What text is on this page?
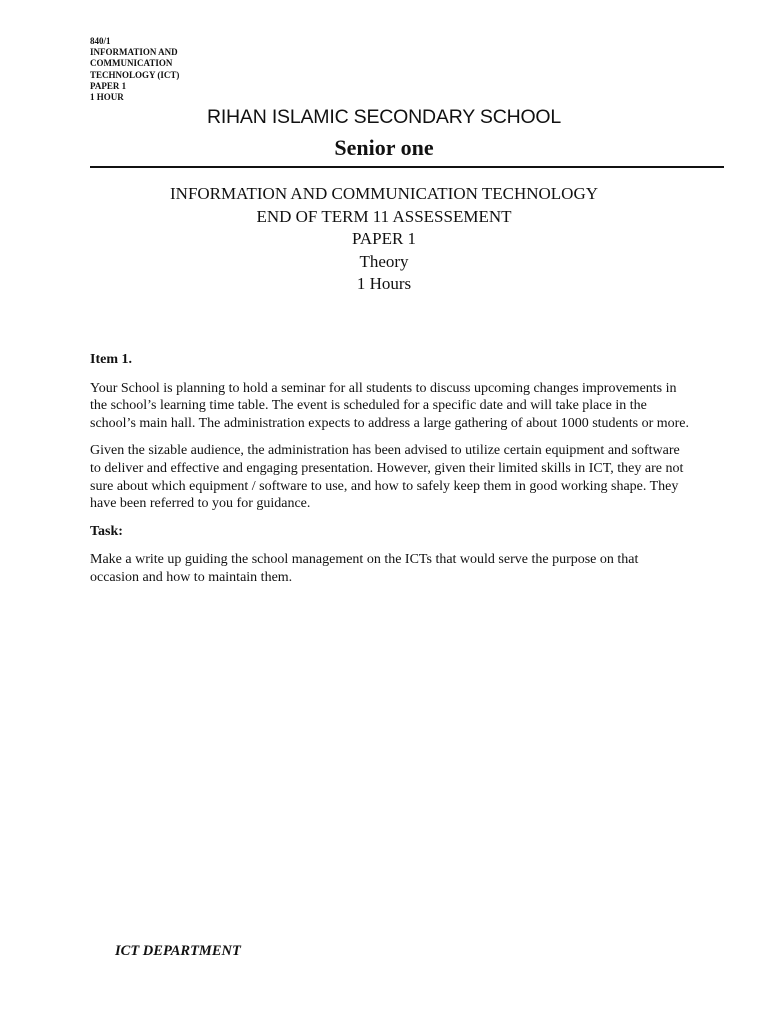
840/1
INFORMATION AND
COMMUNICATION
TECHNOLOGY (ICT)
PAPER 1
1 HOUR
RIHAN ISLAMIC SECONDARY SCHOOL
Senior one
INFORMATION AND COMMUNICATION TECHNOLOGY
END OF TERM 11 ASSESSEMENT
PAPER 1
Theory
1 Hours
Item 1.

Your School is planning to hold a seminar for all students to discuss upcoming changes improvements in the school’s learning time table. The event is scheduled for a specific date and will take place in the school’s main hall. The administration expects to address a large gathering of about 1000 students or more.

Given the sizable audience, the administration has been advised to utilize certain equipment and software to deliver and effective and engaging presentation. However, given their limited skills in ICT, they are not sure about which equipment / software to use, and how to safely keep them in good working shape. They have been referred to you for guidance.

Task:

Make a write up guiding the school management on the ICTs that would serve the purpose on that occasion and how to maintain them.

ICT DEPARTMENT
